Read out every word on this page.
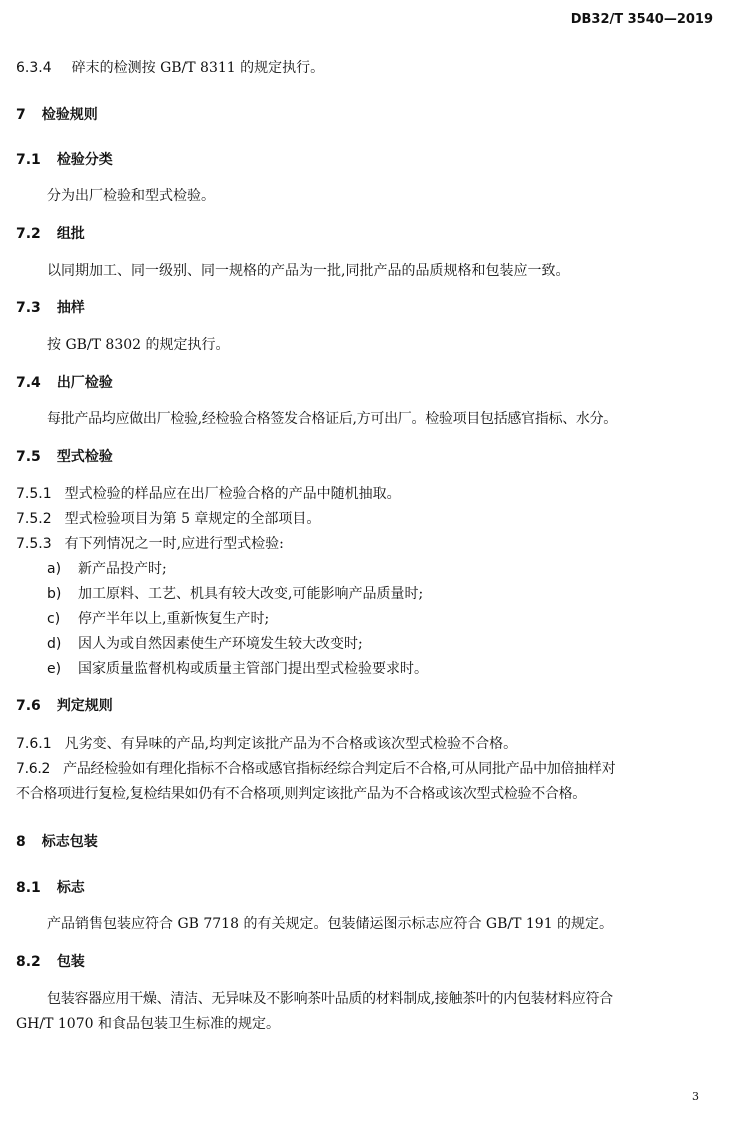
DB32/T 3540—2019
6.3.4 碎末的检测按 GB/T 8311 的规定执行。
7 检验规则
7.1 检验分类
分为出厂检验和型式检验。
7.2 组批
以同期加工、同一级别、同一规格的产品为一批,同批产品的品质规格和包装应一致。
7.3 抽样
按 GB/T 8302 的规定执行。
7.4 出厂检验
每批产品均应做出厂检验,经检验合格签发合格证后,方可出厂。检验项目包括感官指标、水分。
7.5 型式检验
7.5.1 型式检验的样品应在出厂检验合格的产品中随机抽取。
7.5.2 型式检验项目为第 5 章规定的全部项目。
7.5.3 有下列情况之一时,应进行型式检验:
a) 新产品投产时;
b) 加工原料、工艺、机具有较大改变,可能影响产品质量时;
c) 停产半年以上,重新恢复生产时;
d) 因人为或自然因素使生产环境发生较大改变时;
e) 国家质量监督机构或质量主管部门提出型式检验要求时。
7.6 判定规则
7.6.1 凡劣变、有异味的产品,均判定该批产品为不合格或该次型式检验不合格。
7.6.2 产品经检验如有理化指标不合格或感官指标经综合判定后不合格,可从同批产品中加倍抽样对
不合格项进行复检,复检结果如仍有不合格项,则判定该批产品为不合格或该次型式检验不合格。
8 标志包装
8.1 标志
产品销售包装应符合 GB 7718 的有关规定。包装储运图示标志应符合 GB/T 191 的规定。
8.2 包装
包装容器应用干燥、清洁、无异味及不影响茶叶品质的材料制成,接触茶叶的内包装材料应符合
GH/T 1070 和食品包装卫生标准的规定。
3
